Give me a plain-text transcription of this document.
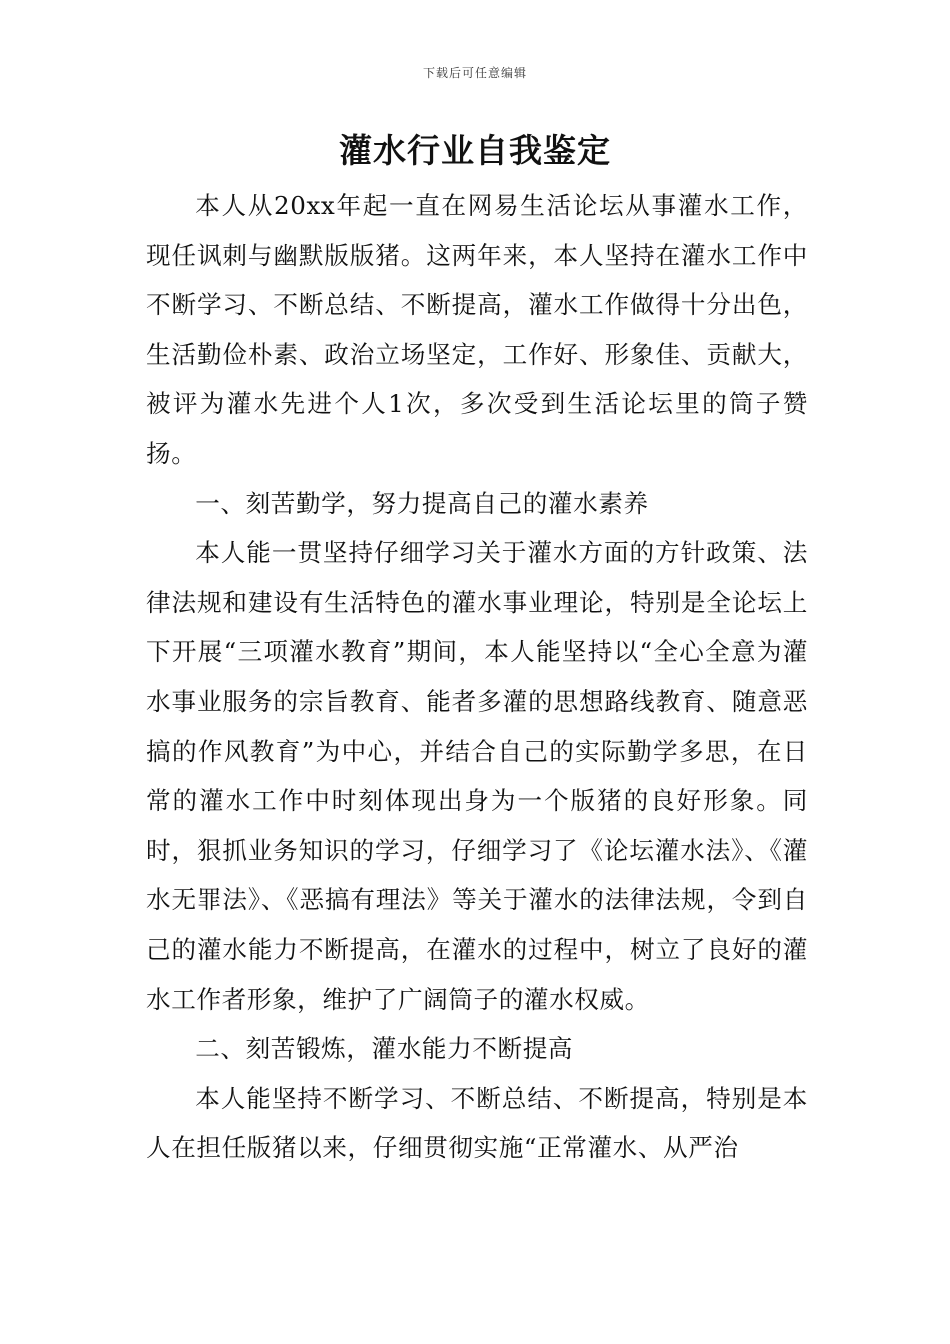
下载后可任意编辑
灌水行业自我鉴定

本人从20xx年起一直在网易生活论坛从事灌水工作，现任讽刺与幽默版版猪。这两年来，本人坚持在灌水工作中不断学习、不断总结、不断提高，灌水工作做得十分出色，生活勤俭朴素、政治立场坚定，工作好、形象佳、贡献大，被评为灌水先进个人1次，多次受到生活论坛里的筒子赞扬。

一、刻苦勤学，努力提高自己的灌水素养

本人能一贯坚持仔细学习关于灌水方面的方针政策、法律法规和建设有生活特色的灌水事业理论，特别是全论坛上下开展“三项灌水教育”期间，本人能坚持以“全心全意为灌水事业服务的宗旨教育、能者多灌的思想路线教育、随意恶搞的作风教育”为中心，并结合自己的实际勤学多思，在日常的灌水工作中时刻体现出身为一个版猪的良好形象。同时，狠抓业务知识的学习，仔细学习了《论坛灌水法》、《灌水无罪法》、《恶搞有理法》等关于灌水的法律法规，令到自己的灌水能力不断提高，在灌水的过程中，树立了良好的灌水工作者形象，维护了广阔筒子的灌水权威。

二、刻苦锻炼，灌水能力不断提高

本人能坚持不断学习、不断总结、不断提高，特别是本人在担任版猪以来，仔细贯彻实施“正常灌水、从严治
